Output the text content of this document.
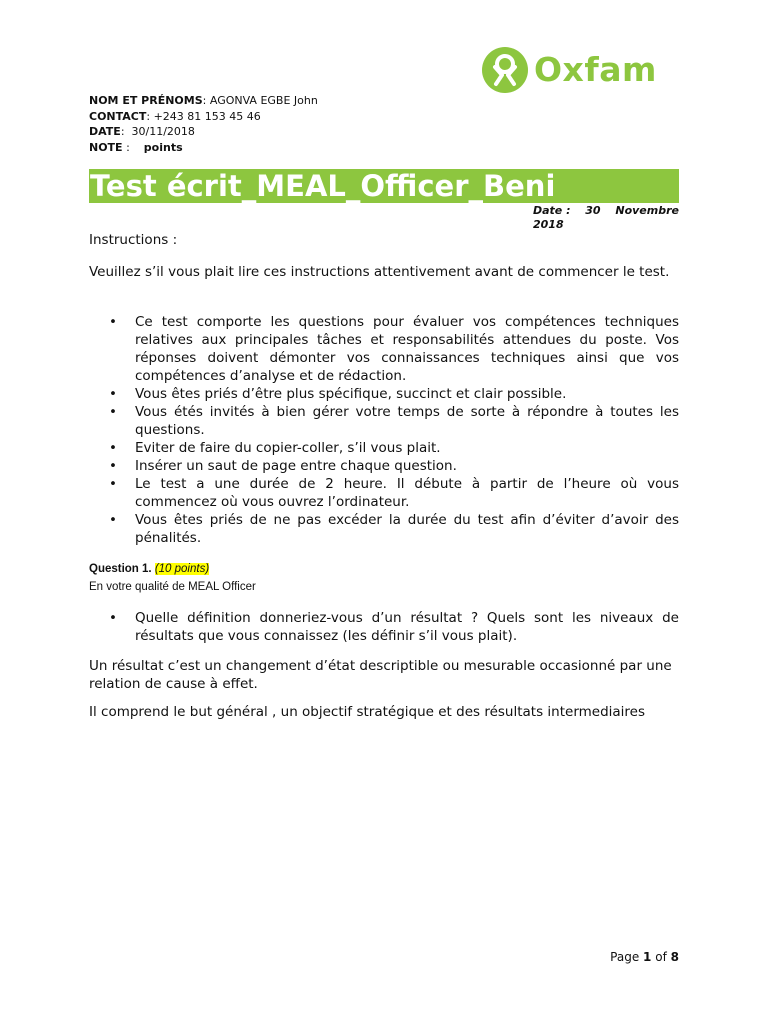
Oxfam
NOM ET PRÉNOMS: AGONVA EGBE John
CONTACT: +243 81 153 45 46
DATE:  30/11/2018
NOTE : points
Test écrit_MEAL_Officer_Beni
Date : 30 Novembre
2018
Instructions :
Veuillez s’il vous plait lire ces instructions attentivement avant de commencer le test.
• Ce test comporte les questions pour évaluer vos compétences techniques relatives aux principales tâches et responsabilités attendues du poste. Vos réponses doivent démonter vos connaissances techniques ainsi que vos compétences d’analyse et de rédaction.
• Vous êtes priés d’être plus spécifique, succinct et clair possible.
• Vous étés invités à bien gérer votre temps de sorte à répondre à toutes les questions.
• Eviter de faire du copier-coller, s’il vous plait.
• Insérer un saut de page entre chaque question.
• Le test a une durée de 2 heure. Il débute à partir de l’heure où vous commencez où vous ouvrez l’ordinateur.
• Vous êtes priés de ne pas excéder la durée du test afin d’éviter d’avoir des pénalités.
Question 1. (10 points)
En votre qualité de MEAL Officer
• Quelle définition donneriez-vous d’un résultat ? Quels sont les niveaux de résultats que vous connaissez (les définir s’il vous plait).
Un résultat c’est un changement d’état descriptible ou mesurable occasionné par une relation de cause à effet.
Il comprend le but général , un objectif stratégique et des résultats intermediaires
Page 1 of 8
